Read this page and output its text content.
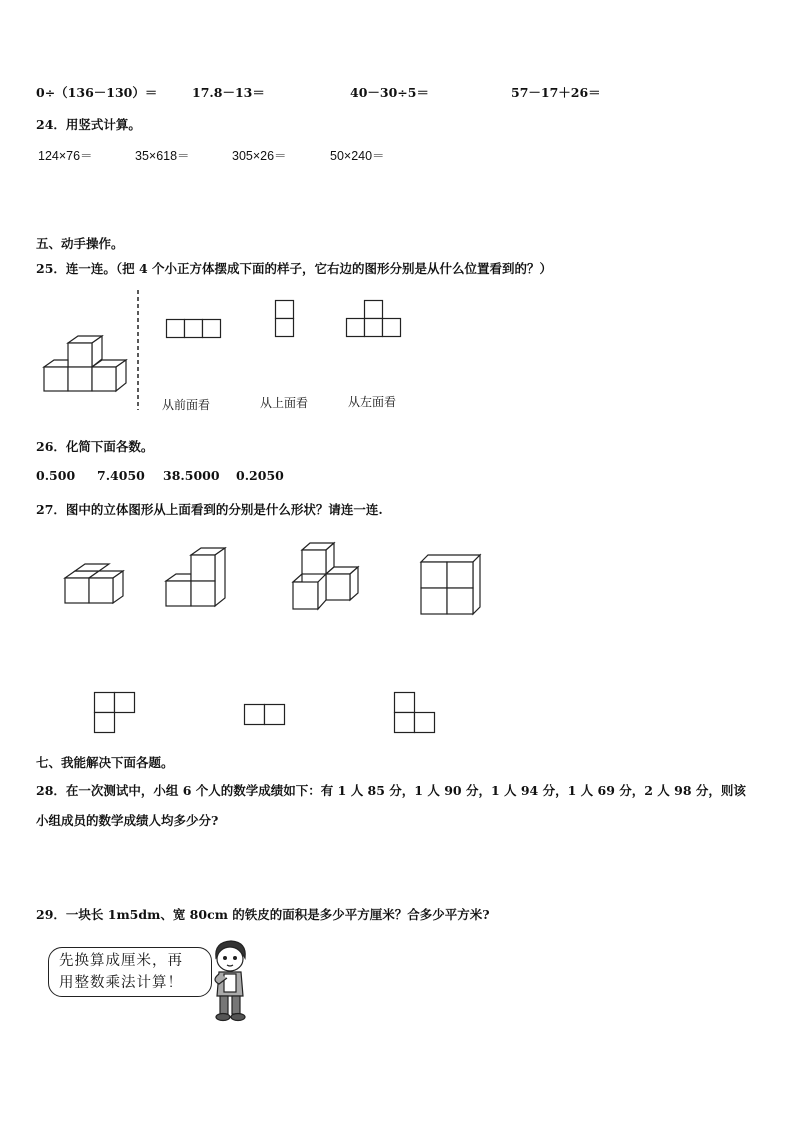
0÷（136－130）＝	17.8－13＝	40－30÷5＝	57－17＋26＝
24．用竖式计算。
124×76＝	35×618＝	305×26＝	50×240＝
五、动手操作。
25．连一连。（把 4 个小正方体摆成下面的样子，它右边的图形分别是从什么位置看到的？）
从前面看	从上面看	从左面看
26．化简下面各数。
0.500 7.4050 38.5000 0.2050
27．图中的立体图形从上面看到的分别是什么形状？请连一连.
七、我能解决下面各题。
28．在一次测试中，小组 6 个人的数学成绩如下：有 1 人 85 分，1 人 90 分，1 人 94 分，1 人 69 分，2 人 98 分，则该
小组成员的数学成绩人均多少分?
29．一块长 1m5dm、宽 80cm 的铁皮的面积是多少平方厘米？合多少平方米?
先换算成厘米，再
用整数乘法计算！
